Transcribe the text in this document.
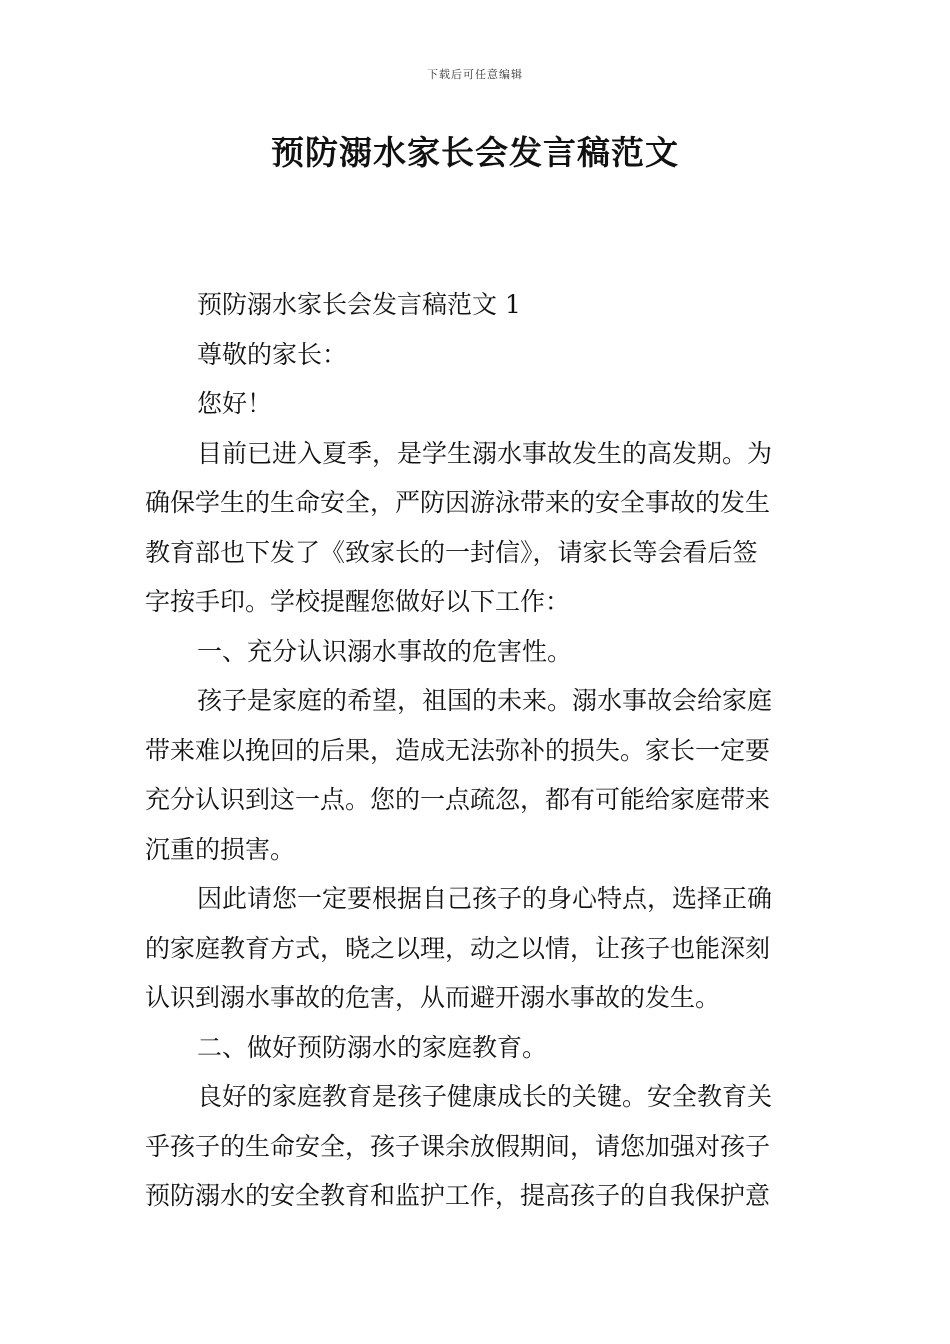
下载后可任意编辑
预防溺水家长会发言稿范文
预防溺水家长会发言稿范文 1
尊敬的家长：
您好！
目前已进入夏季，是学生溺水事故发生的高发期。为
确保学生的生命安全，严防因游泳带来的安全事故的发生
教育部也下发了《致家长的一封信》，请家长等会看后签
字按手印。学校提醒您做好以下工作：
一、充分认识溺水事故的危害性。
孩子是家庭的希望，祖国的未来。溺水事故会给家庭
带来难以挽回的后果，造成无法弥补的损失。家长一定要
充分认识到这一点。您的一点疏忽，都有可能给家庭带来
沉重的损害。
因此请您一定要根据自己孩子的身心特点，选择正确
的家庭教育方式，晓之以理，动之以情，让孩子也能深刻
认识到溺水事故的危害，从而避开溺水事故的发生。
二、做好预防溺水的家庭教育。
良好的家庭教育是孩子健康成长的关键。安全教育关
乎孩子的生命安全，孩子课余放假期间，请您加强对孩子
预防溺水的安全教育和监护工作，提高孩子的自我保护意
